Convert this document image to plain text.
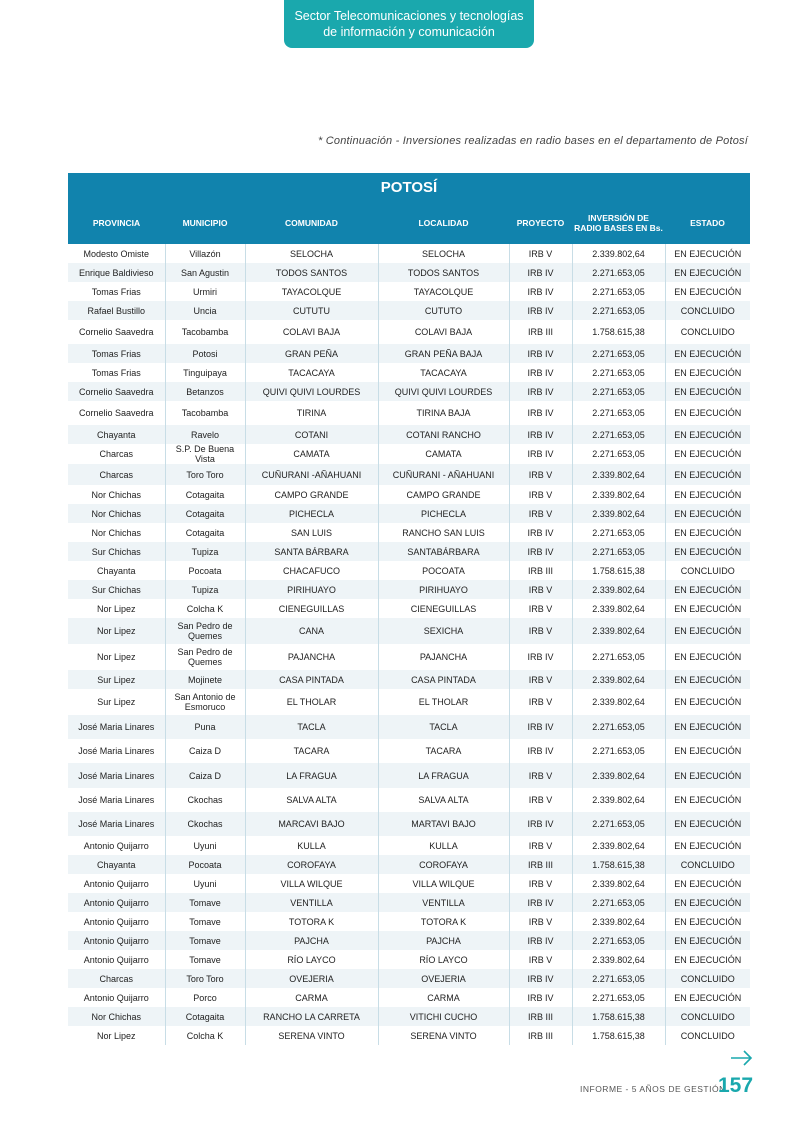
Sector Telecomunicaciones y tecnologías
de información y comunicación
* Continuación - Inversiones realizadas en radio bases en el departamento de Potosí
POTOSÍ
PROVINCIA	MUNICIPIO	COMUNIDAD	LOCALIDAD	PROYECTO	INVERSIÓN DE RADIO BASES EN Bs.	ESTADO
Modesto Omiste	Villazón	SELOCHA	SELOCHA	IRB V	2.339.802,64	EN EJECUCIÓN
Enrique Baldivieso	San Agustin	TODOS SANTOS	TODOS SANTOS	IRB IV	2.271.653,05	EN EJECUCIÓN
Tomas Frias	Urmiri	TAYACOLQUE	TAYACOLQUE	IRB IV	2.271.653,05	EN EJECUCIÓN
Rafael Bustillo	Uncia	CUTUTU	CUTUTO	IRB IV	2.271.653,05	CONCLUIDO
Cornelio Saavedra	Tacobamba	COLAVI BAJA	COLAVI BAJA	IRB III	1.758.615,38	CONCLUIDO
Tomas Frias	Potosi	GRAN PEÑA	GRAN PEÑA BAJA	IRB IV	2.271.653,05	EN EJECUCIÓN
Tomas Frias	Tinguipaya	TACACAYA	TACACAYA	IRB IV	2.271.653,05	EN EJECUCIÓN
Cornelio Saavedra	Betanzos	QUIVI QUIVI LOURDES	QUIVI QUIVI LOURDES	IRB IV	2.271.653,05	EN EJECUCIÓN
Cornelio Saavedra	Tacobamba	TIRINA	TIRINA BAJA	IRB IV	2.271.653,05	EN EJECUCIÓN
Chayanta	Ravelo	COTANI	COTANI RANCHO	IRB IV	2.271.653,05	EN EJECUCIÓN
Charcas	S.P. De Buena Vista	CAMATA	CAMATA	IRB IV	2.271.653,05	EN EJECUCIÓN
Charcas	Toro Toro	CUÑURANI -AÑAHUANI	CUÑURANI - AÑAHUANI	IRB V	2.339.802,64	EN EJECUCIÓN
Nor Chichas	Cotagaita	CAMPO GRANDE	CAMPO GRANDE	IRB V	2.339.802,64	EN EJECUCIÓN
Nor Chichas	Cotagaita	PICHECLA	PICHECLA	IRB V	2.339.802,64	EN EJECUCIÓN
Nor Chichas	Cotagaita	SAN LUIS	RANCHO SAN LUIS	IRB IV	2.271.653,05	EN EJECUCIÓN
Sur Chichas	Tupiza	SANTA BÁRBARA	SANTABÁRBARA	IRB IV	2.271.653,05	EN EJECUCIÓN
Chayanta	Pocoata	CHACAFUCO	POCOATA	IRB III	1.758.615,38	CONCLUIDO
Sur Chichas	Tupiza	PIRIHUAYO	PIRIHUAYO	IRB V	2.339.802,64	EN EJECUCIÓN
Nor Lipez	Colcha K	CIENEGUILLAS	CIENEGUILLAS	IRB V	2.339.802,64	EN EJECUCIÓN
Nor Lipez	San Pedro de Quemes	CANA	SEXICHA	IRB V	2.339.802,64	EN EJECUCIÓN
Nor Lipez	San Pedro de Quemes	PAJANCHA	PAJANCHA	IRB IV	2.271.653,05	EN EJECUCIÓN
Sur Lipez	Mojinete	CASA PINTADA	CASA PINTADA	IRB V	2.339.802,64	EN EJECUCIÓN
Sur Lipez	San Antonio de Esmoruco	EL THOLAR	EL THOLAR	IRB V	2.339.802,64	EN EJECUCIÓN
José Maria Linares	Puna	TACLA	TACLA	IRB IV	2.271.653,05	EN EJECUCIÓN
José Maria Linares	Caiza D	TACARA	TACARA	IRB IV	2.271.653,05	EN EJECUCIÓN
José Maria Linares	Caiza D	LA FRAGUA	LA FRAGUA	IRB V	2.339.802,64	EN EJECUCIÓN
José Maria Linares	Ckochas	SALVA ALTA	SALVA ALTA	IRB V	2.339.802,64	EN EJECUCIÓN
José Maria Linares	Ckochas	MARCAVI BAJO	MARTAVI BAJO	IRB IV	2.271.653,05	EN EJECUCIÓN
Antonio Quijarro	Uyuni	KULLA	KULLA	IRB V	2.339.802,64	EN EJECUCIÓN
Chayanta	Pocoata	COROFAYA	COROFAYA	IRB III	1.758.615,38	CONCLUIDO
Antonio Quijarro	Uyuni	VILLA WILQUE	VILLA WILQUE	IRB V	2.339.802,64	EN EJECUCIÓN
Antonio Quijarro	Tomave	VENTILLA	VENTILLA	IRB IV	2.271.653,05	EN EJECUCIÓN
Antonio Quijarro	Tomave	TOTORA K	TOTORA K	IRB V	2.339.802,64	EN EJECUCIÓN
Antonio Quijarro	Tomave	PAJCHA	PAJCHA	IRB IV	2.271.653,05	EN EJECUCIÓN
Antonio Quijarro	Tomave	RÍO LAYCO	RÍO LAYCO	IRB V	2.339.802,64	EN EJECUCIÓN
Charcas	Toro Toro	OVEJERIA	OVEJERIA	IRB IV	2.271.653,05	CONCLUIDO
Antonio Quijarro	Porco	CARMA	CARMA	IRB IV	2.271.653,05	EN EJECUCIÓN
Nor Chichas	Cotagaita	RANCHO LA CARRETA	VITICHI CUCHO	IRB III	1.758.615,38	CONCLUIDO
Nor Lipez	Colcha K	SERENA VINTO	SERENA VINTO	IRB III	1.758.615,38	CONCLUIDO
INFORME - 5 AÑOS DE GESTIÓN
157
